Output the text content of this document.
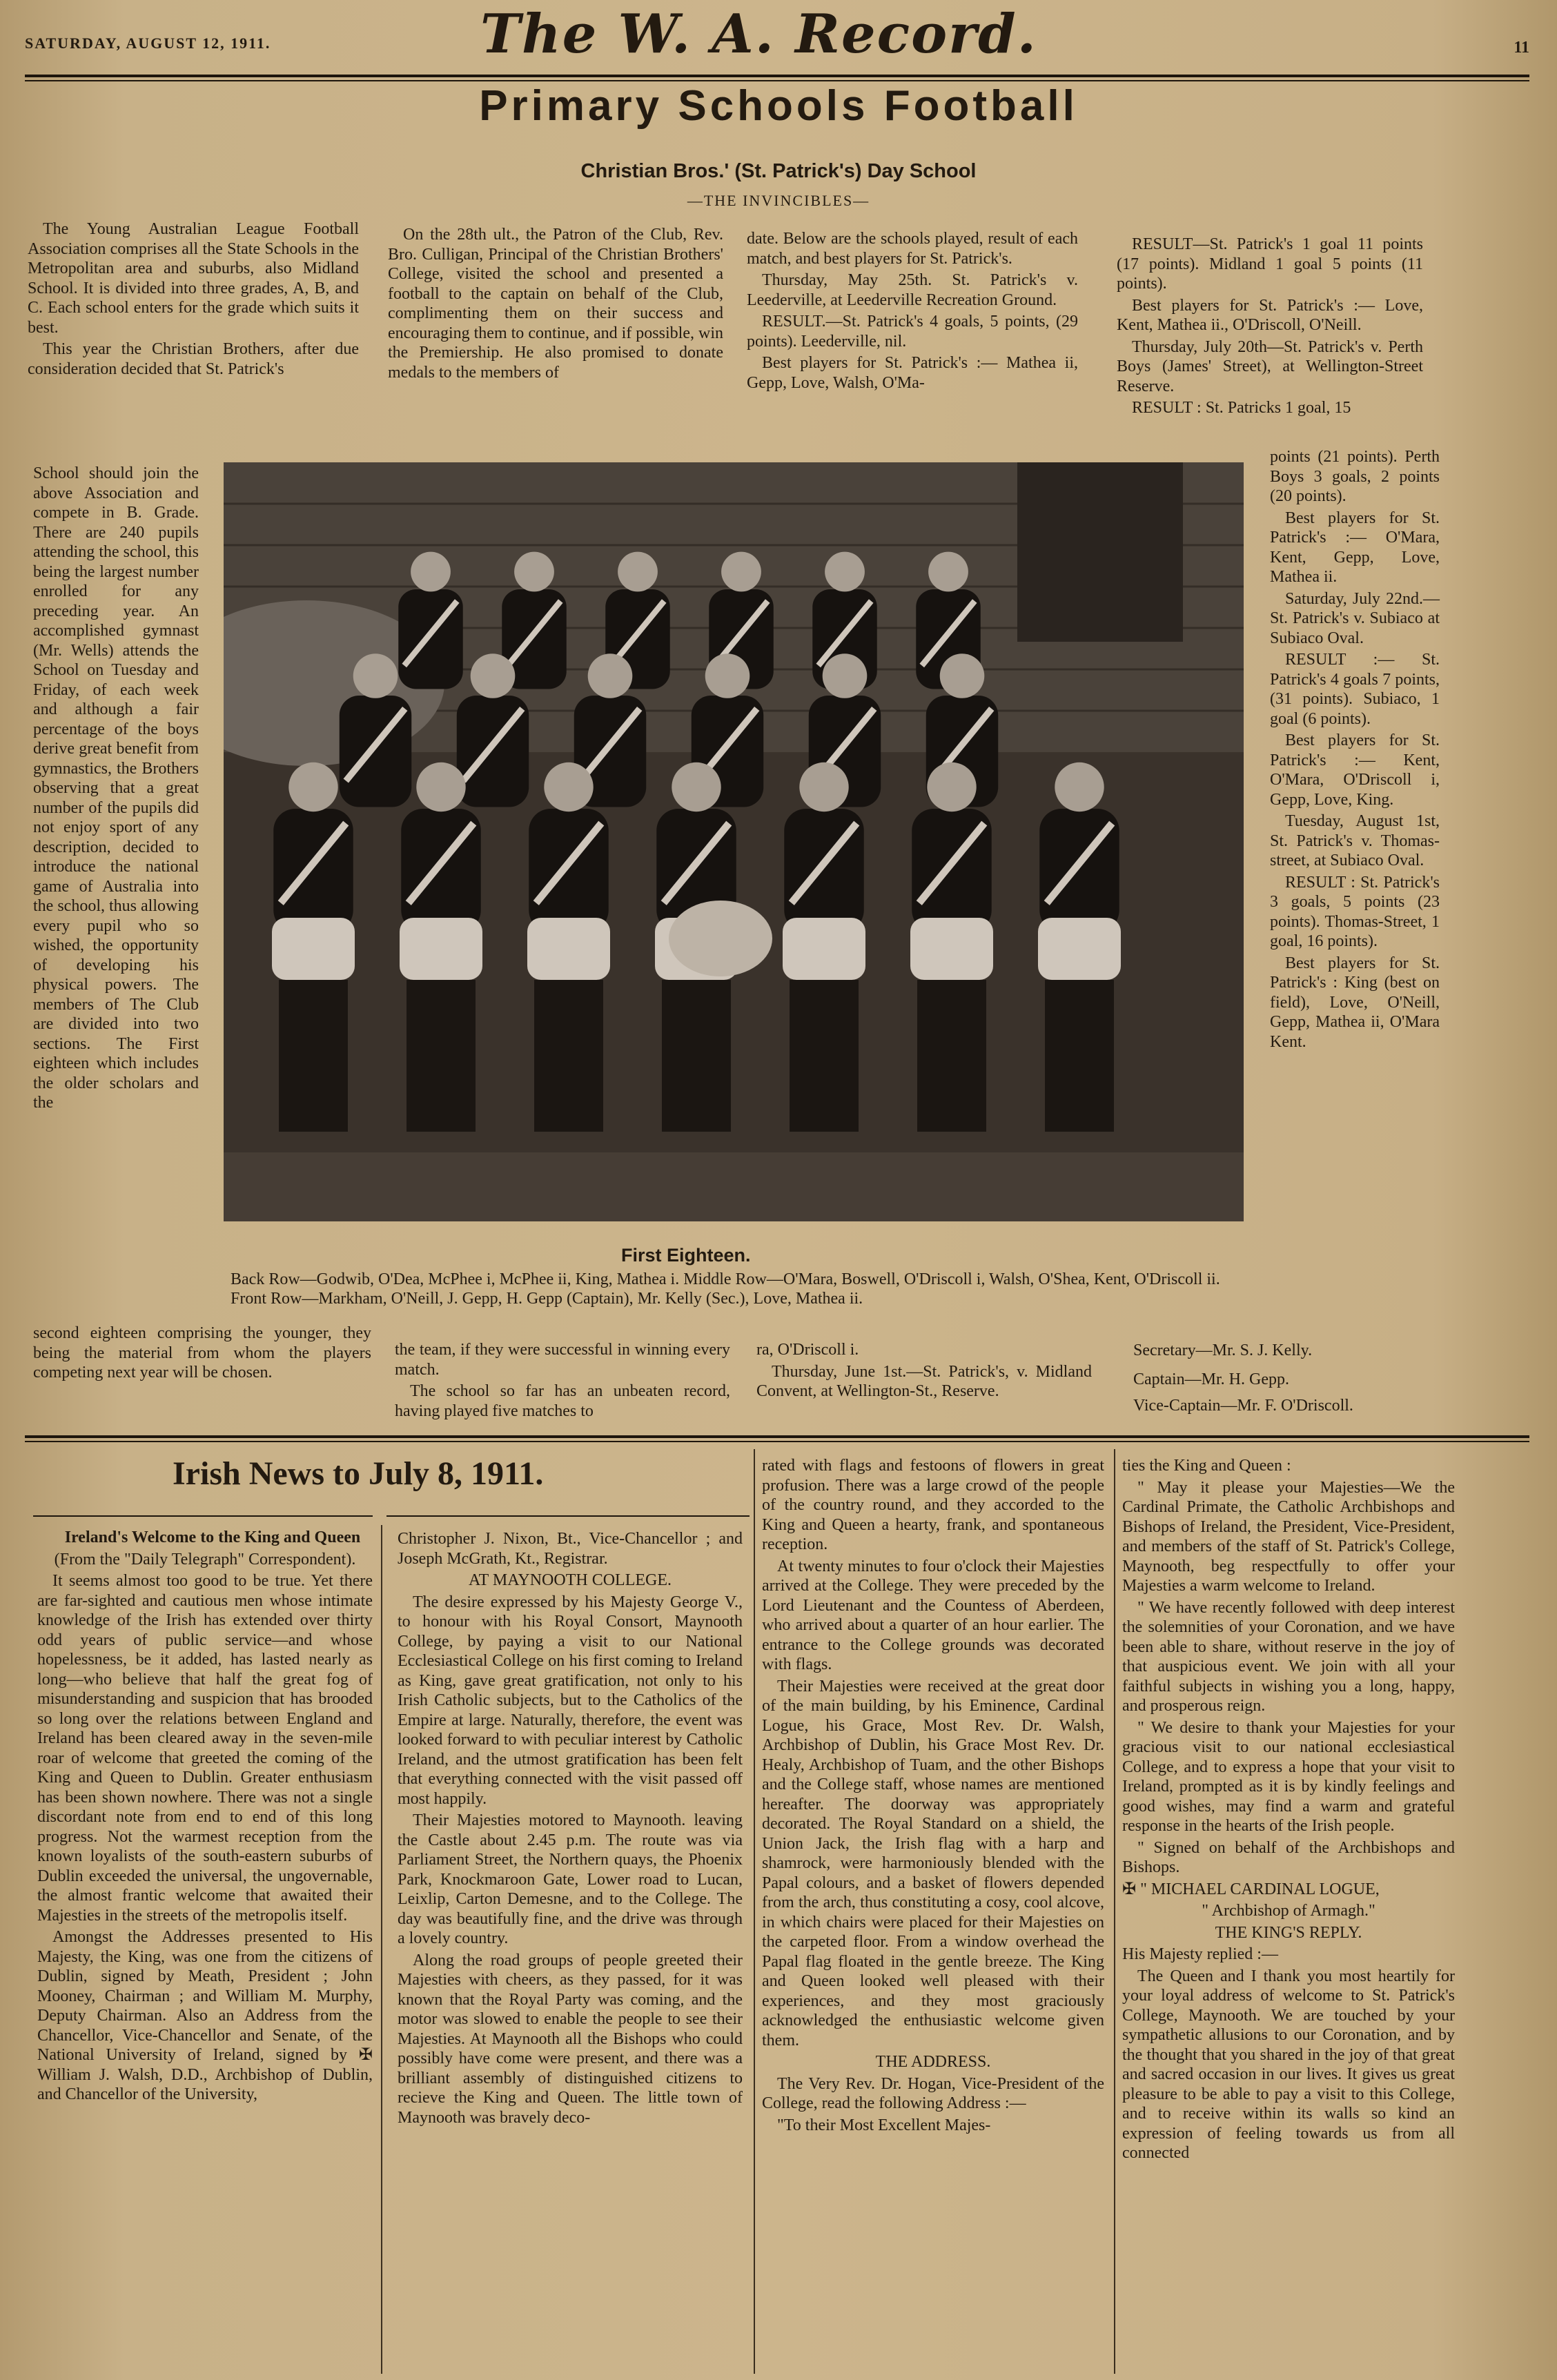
SATURDAY, AUGUST 12, 1911.	The W. A. Record.	11
Primary Schools Football
Christian Bros.' (St. Patrick's) Day School
—THE INVINCIBLES—

The Young Australian League Football Association comprises all the State Schools in the Metropolitan area and suburbs, also Midland School. It is divided into three grades, A, B, and C. Each school enters for the grade which suits it best.

This year the Christian Brothers, after due consideration decided that St. Patrick's

School should join the above Association and compete in B. Grade. There are 240 pupils attending the school, this being the largest number enrolled for any preceding year. An accomplished gymnast (Mr. Wells) attends the School on Tuesday and Friday, of each week and although a fair percentage of the boys derive great benefit from gymnastics, the Brothers observing that a great number of the pupils did not enjoy sport of any description, decided to introduce the national game of Australia into the school, thus allowing every pupil who so wished, the opportunity of developing his physical powers. The members of The Club are divided into two sections. The First eighteen which includes the older scholars and the

second eighteen comprising the younger, they being the material from whom the players competing next year will be chosen.

On the 28th ult., the Patron of the Club, Rev. Bro. Culligan, Principal of the Christian Brothers' College, visited the school and presented a football to the captain on behalf of the Club, complimenting them on their success and encouraging them to continue, and if possible, win the Premiership. He also promised to donate medals to the members of

the team, if they were successful in winning every match.

The school so far has an unbeaten record, having played five matches to

date. Below are the schools played, result of each match, and best players for St. Patrick's.

Thursday, May 25th. St. Patrick's v. Leederville, at Leederville Recreation Ground.

RESULT.—St. Patrick's 4 goals, 5 points, (29 points). Leederville, nil.

Best players for St. Patrick's :— Mathea ii, Gepp, Love, Walsh, O'Ma-

ra, O'Driscoll i.

Thursday, June 1st.—St. Patrick's, v. Midland Convent, at Wellington-St., Reserve.

RESULT—St. Patrick's 1 goal 11 points (17 points). Midland 1 goal 5 points (11 points).

Best players for St. Patrick's :— Love, Kent, Mathea ii., O'Driscoll, O'Neill.

Thursday, July 20th—St. Patrick's v. Perth Boys (James' Street), at Wellington-Street Reserve.

RESULT : St. Patricks 1 goal, 15

points (21 points). Perth Boys 3 goals, 2 points (20 points).

Best players for St. Patrick's :— O'Mara, Kent, Gepp, Love, Mathea ii.

Saturday, July 22nd.—St. Patrick's v. Subiaco at Subiaco Oval.

RESULT :— St. Patrick's 4 goals 7 points, (31 points). Subiaco, 1 goal (6 points).

Best players for St. Patrick's :— Kent, O'Mara, O'Driscoll i, Gepp, Love, King.

Tuesday, August 1st, St. Patrick's v. Thomas-street, at Subiaco Oval.

RESULT : St. Patrick's 3 goals, 5 points (23 points). Thomas-Street, 1 goal, 16 points).

Best players for St. Patrick's : King (best on field), Love, O'Neill, Gepp, Mathea ii, O'Mara Kent.

Secretary—Mr. S. J. Kelly.
Captain—Mr. H. Gepp.
Vice-Captain—Mr. F. O'Driscoll.
First Eighteen.
Back Row—Godwib, O'Dea, McPhee i, McPhee ii, King, Mathea i. Middle Row—O'Mara, Boswell, O'Driscoll i, Walsh, O'Shea, Kent, O'Driscoll ii. Front Row—Markham, O'Neill, J. Gepp, H. Gepp (Captain), Mr. Kelly (Sec.), Love, Mathea ii.
Irish News to July 8, 1911.

Ireland's Welcome to the King and Queen

(From the "Daily Telegraph" Correspondent).

It seems almost too good to be true. Yet there are far-sighted and cautious men whose intimate knowledge of the Irish has extended over thirty odd years of public service—and whose hopelessness, be it added, has lasted nearly as long—who believe that half the great fog of misunderstanding and suspicion that has brooded so long over the relations between England and Ireland has been cleared away in the seven-mile roar of welcome that greeted the coming of the King and Queen to Dublin. Greater enthusiasm has been shown nowhere. There was not a single discordant note from end to end of this long progress. Not the warmest reception from the known loyalists of the south-eastern suburbs of Dublin exceeded the universal, the ungovernable, the almost frantic welcome that awaited their Majesties in the streets of the metropolis itself.

Amongst the Addresses presented to His Majesty, the King, was one from the citizens of Dublin, signed by Meath, President ; John Mooney, Chairman ; and William M. Murphy, Deputy Chairman. Also an Address from the Chancellor, Vice-Chancellor and Senate, of the National University of Ireland, signed by ✠ William J. Walsh, D.D., Archbishop of Dublin, and Chancellor of the University,

Christopher J. Nixon, Bt., Vice-Chancellor ; and Joseph McGrath, Kt., Registrar.

AT MAYNOOTH COLLEGE.

The desire expressed by his Majesty George V., to honour with his Royal Consort, Maynooth College, by paying a visit to our National Ecclesiastical College on his first coming to Ireland as King, gave great gratification, not only to his Irish Catholic subjects, but to the Catholics of the Empire at large. Naturally, therefore, the event was looked forward to with peculiar interest by Catholic Ireland, and the utmost gratification has been felt that everything connected with the visit passed off most happily.

Their Majesties motored to Maynooth. leaving the Castle about 2.45 p.m. The route was via Parliament Street, the Northern quays, the Phoenix Park, Knockmaroon Gate, Lower road to Lucan, Leixlip, Carton Demesne, and to the College. The day was beautifully fine, and the drive was through a lovely country.

Along the road groups of people greeted their Majesties with cheers, as they passed, for it was known that the Royal Party was coming, and the motor was slowed to enable the people to see their Majesties. At Maynooth all the Bishops who could possibly have come were present, and there was a brilliant assembly of distinguished citizens to recieve the King and Queen. The little town of Maynooth was bravely deco-

rated with flags and festoons of flowers in great profusion. There was a large crowd of the people of the country round, and they accorded to the King and Queen a hearty, frank, and spontaneous reception.

At twenty minutes to four o'clock their Majesties arrived at the College. They were preceded by the Lord Lieutenant and the Countess of Aberdeen, who arrived about a quarter of an hour earlier. The entrance to the College grounds was decorated with flags.

Their Majesties were received at the great door of the main building, by his Eminence, Cardinal Logue, his Grace, Most Rev. Dr. Walsh, Archbishop of Dublin, his Grace Most Rev. Dr. Healy, Archbishop of Tuam, and the other Bishops and the College staff, whose names are mentioned hereafter. The doorway was appropriately decorated. The Royal Standard on a shield, the Union Jack, the Irish flag with a harp and shamrock, were harmoniously blended with the Papal colours, and a basket of flowers depended from the arch, thus constituting a cosy, cool alcove, in which chairs were placed for their Majesties on the carpeted floor. From a window overhead the Papal flag floated in the gentle breeze. The King and Queen looked well pleased with their experiences, and they most graciously acknowledged the enthusiastic welcome given them.

THE ADDRESS.

The Very Rev. Dr. Hogan, Vice-President of the College, read the following Address :—

"To their Most Excellent Majes-

ties the King and Queen :

" May it please your Majesties—We the Cardinal Primate, the Catholic Archbishops and Bishops of Ireland, the President, Vice-President, and members of the staff of St. Patrick's College, Maynooth, beg respectfully to offer your Majesties a warm welcome to Ireland.

" We have recently followed with deep interest the solemnities of your Coronation, and we have been able to share, without reserve in the joy of that auspicious event. We join with all your faithful subjects in wishing you a long, happy, and prosperous reign.

" We desire to thank your Majesties for your gracious visit to our national ecclesiastical College, and to express a hope that your visit to Ireland, prompted as it is by kindly feelings and good wishes, may find a warm and grateful response in the hearts of the Irish people.

" Signed on behalf of the Archbishops and Bishops.

✠ " MICHAEL CARDINAL LOGUE,

" Archbishop of Armagh."

THE KING'S REPLY.

His Majesty replied :—

The Queen and I thank you most heartily for your loyal address of welcome to St. Patrick's College, Maynooth. We are touched by your sympathetic allusions to our Coronation, and by the thought that you shared in the joy of that great and sacred occasion in our lives. It gives us great pleasure to be able to pay a visit to this College, and to receive within its walls so kind an expression of feeling towards us from all connected
